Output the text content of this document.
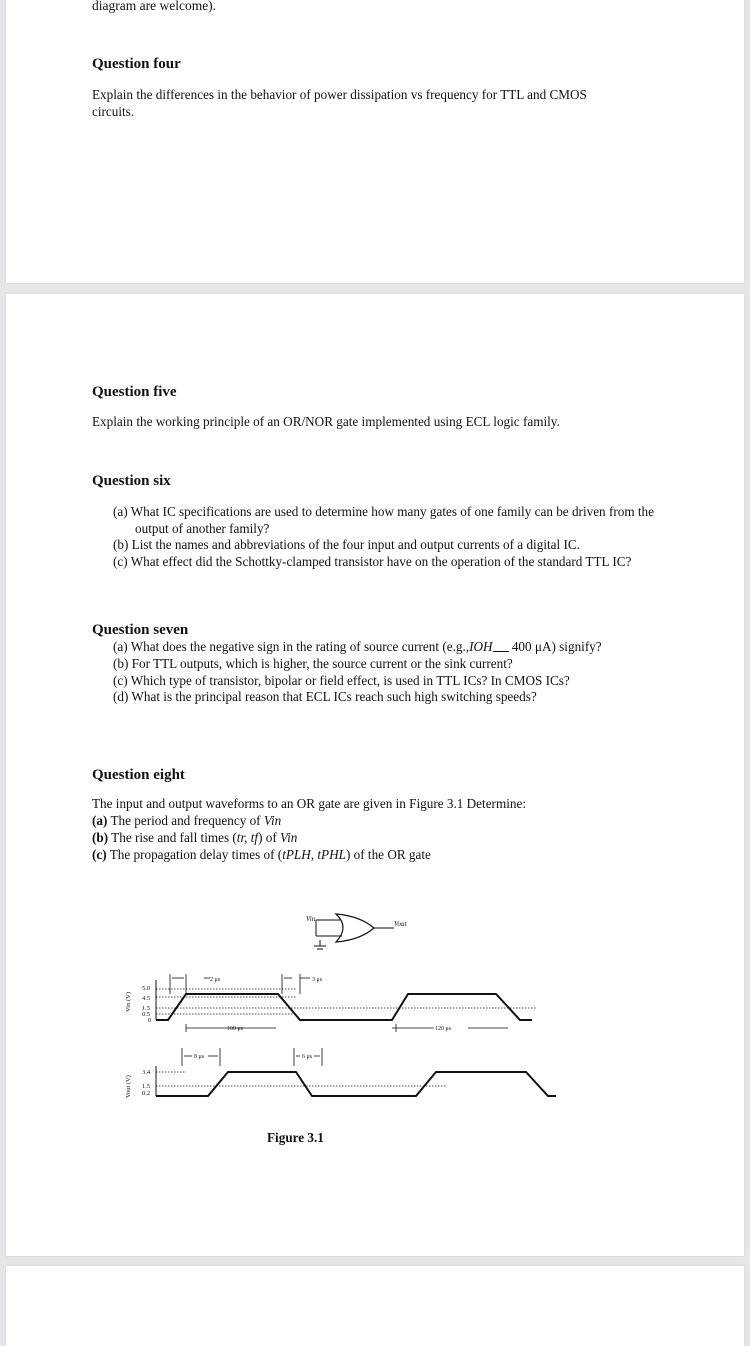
diagram are welcome).
Question four
Explain the differences in the behavior of power dissipation vs frequency for TTL and CMOS
circuits.
Question five
Explain the working principle of an OR/NOR gate implemented using ECL logic family.
Question six
(a) What IC specifications are used to determine how many gates of one family can be driven from the output of another family?
(b) List the names and abbreviations of the four input and output currents of a digital IC.
(c) What effect did the Schottky-clamped transistor have on the operation of the standard TTL IC?
Question seven
(a) What does the negative sign in the rating of source current (e.g.,IOH 400 μA) signify?
(b) For TTL outputs, which is higher, the source current or the sink current?
(c) Which type of transistor, bipolar or field effect, is used in TTL ICs? In CMOS ICs?
(d) What is the principal reason that ECL ICs reach such high switching speeds?
Question eight
The input and output waveforms to an OR gate are given in Figure 3.1 Determine:
(a) The period and frequency of Vin
(b) The rise and fall times (tr, tf) of Vin
(c) The propagation delay times of (tPLH, tPHL) of the OR gate
Vin
Vout
5.0
4.5
1.5
0.5
0
3.4
1.5
0.2
Vin (V)
Vout (V)
2 μs	3 μs
100 μs	120 μs
8 μs	6 μs
Figure 3.1
